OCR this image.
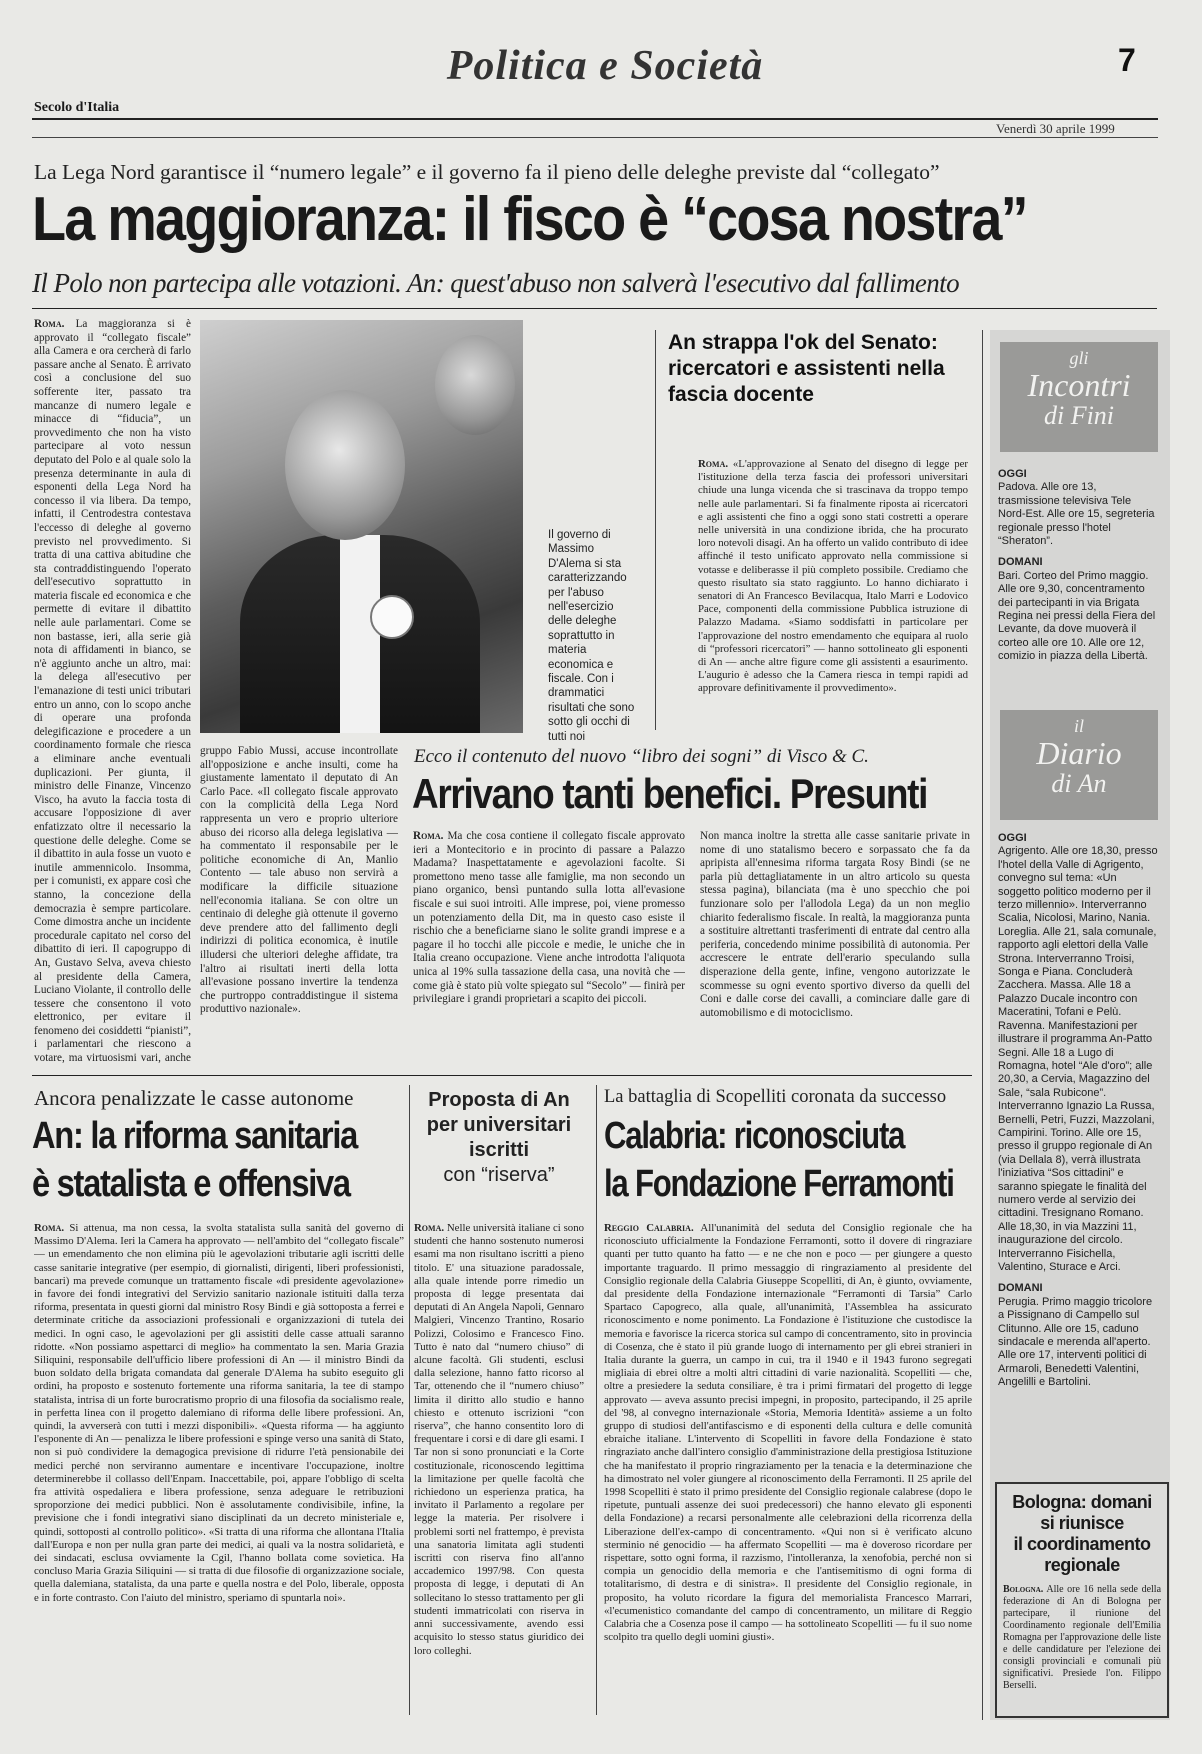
Politica e Società	7
Secolo d'Italia
Venerdì 30 aprile 1999
La Lega Nord garantisce il “numero legale” e il governo fa il pieno delle deleghe previste dal “collegato”
La maggioranza: il fisco è “cosa nostra”
Il Polo non partecipa alle votazioni. An: quest'abuso non salverà l'esecutivo dal fallimento
Roma. La maggioranza si è approvato il “collegato fiscale” alla Camera e ora cercherà di farlo passare anche al Senato. È arrivato così a conclusione del suo sofferente iter, passato tra mancanze di numero legale e minacce di “fiducia”, un provvedimento che non ha visto partecipare al voto nessun deputato del Polo e al quale solo la presenza determinante in aula di esponenti della Lega Nord ha concesso il via libera. Da tempo, infatti, il Centrodestra contestava l'eccesso di deleghe al governo previsto nel provvedimento. Si tratta di una cattiva abitudine che sta contraddistinguendo l'operato dell'esecutivo soprattutto in materia fiscale ed economica e che permette di evitare il dibattito nelle aule parlamentari. Come se non bastasse, ieri, alla serie già nota di affidamenti in bianco, se n'è aggiunto anche un altro, mai: la delega all'esecutivo per l'emanazione di testi unici tributari entro un anno, con lo scopo anche di operare una profonda delegificazione e procedere a un coordinamento formale che riesca a eliminare anche eventuali duplicazioni. Per giunta, il ministro delle Finanze, Vincenzo Visco, ha avuto la faccia tosta di accusare l'opposizione di aver enfatizzato oltre il necessario la questione delle deleghe. Come se il dibattito in aula fosse un vuoto e inutile ammennicolo. Insomma, per i comunisti, ex appare così che stanno, la concezione della democrazia è sempre particolare. Come dimostra anche un incidente procedurale capitato nel corso del dibattito di ieri. Il capogruppo di An, Gustavo Selva, aveva chiesto al presidente della Camera, Luciano Violante, il controllo delle tessere che consentono il voto elettronico, per evitare il fenomeno dei cosiddetti “pianisti”, i parlamentari che riescono a votare, ma virtuosismi vari, anche
Il governo di Massimo D'Alema si sta caratterizzando per l'abuso nell'esercizio delle deleghe soprattutto in materia economica e fiscale. Con i drammatici risultati che sono sotto gli occhi di tutti noi
gruppo Fabio Mussi, accuse incontrollate all'opposizione e anche insulti, come ha giustamente lamentato il deputato di An Carlo Pace. «Il collegato fiscale approvato con la complicità della Lega Nord rappresenta un vero e proprio ulteriore abuso dei ricorso alla delega legislativa — ha commentato il responsabile per le politiche economiche di An, Manlio Contento — tale abuso non servirà a modificare la difficile situazione nell'economia italiana. Se con oltre un centinaio di deleghe già ottenute il governo deve prendere atto del fallimento degli indirizzi di politica economica, è inutile illudersi che ulteriori deleghe affidate, tra l'altro ai risultati inerti della lotta all'evasione possano invertire la tendenza che purtroppo contraddistingue il sistema produttivo nazionale».
An strappa l'ok del Senato: ricercatori e assistenti nella fascia docente
Roma. «L'approvazione al Senato del disegno di legge per l'istituzione della terza fascia dei professori universitari chiude una lunga vicenda che si trascinava da troppo tempo nelle aule parlamentari. Si fa finalmente riposta ai ricercatori e agli assistenti che fino a oggi sono stati costretti a operare nelle università in una condizione ibrida, che ha procurato loro notevoli disagi. An ha offerto un valido contributo di idee affinché il testo unificato approvato nella commissione si votasse e deliberasse il più completo possibile. Crediamo che questo risultato sia stato raggiunto. Lo hanno dichiarato i senatori di An Francesco Bevilacqua, Italo Marri e Lodovico Pace, componenti della commissione Pubblica istruzione di Palazzo Madama. «Siamo soddisfatti in particolare per l'approvazione del nostro emendamento che equipara al ruolo di “professori ricercatori” — hanno sottolineato gli esponenti di An — anche altre figure come gli assistenti a esaurimento. L'augurio è adesso che la Camera riesca in tempi rapidi ad approvare definitivamente il provvedimento».
Ecco il contenuto del nuovo “libro dei sogni” di Visco & C.
Arrivano tanti benefici. Presunti
Roma. Ma che cosa contiene il collegato fiscale approvato ieri a Montecitorio e in procinto di passare a Palazzo Madama? Inaspettatamente e agevolazioni facolte. Si promettono meno tasse alle famiglie, ma non secondo un piano organico, bensì puntando sulla lotta all'evasione fiscale e sui suoi introiti. Alle imprese, poi, viene promesso un potenziamento della Dit, ma in questo caso esiste il rischio che a beneficiarne siano le solite grandi imprese e a pagare il ho tocchi alle piccole e medie, le uniche che in Italia creano occupazione. Viene anche introdotta l'aliquota unica al 19% sulla tassazione della casa, una novità che — come già è stato più volte spiegato sul “Secolo” — finirà per privilegiare i grandi proprietari a scapito dei piccoli.
Non manca inoltre la stretta alle casse sanitarie private in nome di uno statalismo becero e sorpassato che fa da apripista all'ennesima riforma targata Rosy Bindi (se ne parla più dettagliatamente in un altro articolo su questa stessa pagina), bilanciata (ma è uno specchio che poi funzionare solo per l'allodola Lega) da un non meglio chiarito federalismo fiscale. In realtà, la maggioranza punta a sostituire altrettanti trasferimenti di entrate dal centro alla periferia, concedendo minime possibilità di autonomia. Per accrescere le entrate dell'erario speculando sulla disperazione della gente, infine, vengono autorizzate le scommesse su ogni evento sportivo diverso da quelli del Coni e dalle corse dei cavalli, a cominciare dalle gare di automobilismo e di motociclismo.
Ancora penalizzate le casse autonome
An: la riforma sanitaria
è statalista e offensiva
Roma. Si attenua, ma non cessa, la svolta statalista sulla sanità del governo di Massimo D'Alema. Ieri la Camera ha approvato — nell'ambito del “collegato fiscale” — un emendamento che non elimina più le agevolazioni tributarie agli iscritti delle casse sanitarie integrative (per esempio, di giornalisti, dirigenti, liberi professionisti, bancari) ma prevede comunque un trattamento fiscale «di presidente agevolazione» in favore dei fondi integrativi del Servizio sanitario nazionale istituiti dalla terza riforma, presentata in questi giorni dal ministro Rosy Bindi e già sottoposta a ferrei e determinate critiche da associazioni professionali e organizzazioni di tutela dei medici. In ogni caso, le agevolazioni per gli assistiti delle casse attuali saranno ridotte. «Non possiamo aspettarci di meglio» ha commentato la sen. Maria Grazia Siliquini, responsabile dell'ufficio libere professioni di An — il ministro Bindi da buon soldato della brigata comandata dal generale D'Alema ha subito eseguito gli ordini, ha proposto e sostenuto fortemente una riforma sanitaria, la tee di stampo statalista, intrisa di un forte burocratismo proprio di una filosofia da socialismo reale, in perfetta linea con il progetto dalemiano di riforma delle libere professioni. An, quindi, la avverserà con tutti i mezzi disponibili». «Questa riforma — ha aggiunto l'esponente di An — penalizza le libere professioni e spinge verso una sanità di Stato, non si può condividere la demagogica previsione di ridurre l'età pensionabile dei medici perché non serviranno aumentare e incentivare l'occupazione, inoltre determinerebbe il collasso dell'Enpam. Inaccettabile, poi, appare l'obbligo di scelta fra attività ospedaliera e libera professione, senza adeguare le retribuzioni sproporzione dei medici pubblici. Non è assolutamente condivisibile, infine, la previsione che i fondi integrativi siano disciplinati da un decreto ministeriale e, quindi, sottoposti al controllo politico». «Si tratta di una riforma che allontana l'Italia dall'Europa e non per nulla gran parte dei medici, ai quali va la nostra solidarietà, e dei sindacati, esclusa ovviamente la Cgil, l'hanno bollata come sovietica. Ha concluso Maria Grazia Siliquini — si tratta di due filosofie di organizzazione sociale, quella dalemiana, statalista, da una parte e quella nostra e del Polo, liberale, opposta e in forte contrasto. Con l'aiuto del ministro, speriamo di spuntarla noi».
Proposta di An
per universitari
iscritti
con “riserva”
Roma. Nelle università italiane ci sono studenti che hanno sostenuto numerosi esami ma non risultano iscritti a pieno titolo. E' una situazione paradossale, alla quale intende porre rimedio un proposta di legge presentata dai deputati di An Angela Napoli, Gennaro Malgieri, Vincenzo Trantino, Rosario Polizzi, Colosimo e Francesco Fino. Tutto è nato dal “numero chiuso” di alcune facoltà. Gli studenti, esclusi dalla selezione, hanno fatto ricorso al Tar, ottenendo che il “numero chiuso” limita il diritto allo studio e hanno chiesto e ottenuto iscrizioni “con riserva”, che hanno consentito loro di frequentare i corsi e di dare gli esami. I Tar non si sono pronunciati e la Corte costituzionale, riconoscendo legittima la limitazione per quelle facoltà che richiedono un esperienza pratica, ha invitato il Parlamento a regolare per legge la materia. Per risolvere i problemi sorti nel frattempo, è prevista una sanatoria limitata agli studenti iscritti con riserva fino all'anno accademico 1997/98. Con questa proposta di legge, i deputati di An sollecitano lo stesso trattamento per gli studenti immatricolati con riserva in anni successivamente, avendo essi acquisito lo stesso status giuridico dei loro colleghi.
La battaglia di Scopelliti coronata da successo
Calabria: riconosciuta
la Fondazione Ferramonti
Reggio Calabria. All'unanimità del seduta del Consiglio regionale che ha riconosciuto ufficialmente la Fondazione Ferramonti, sotto il dovere di ringraziare quanti per tutto quanto ha fatto — e ne che non e poco — per giungere a questo importante traguardo. Il primo messaggio di ringraziamento al presidente del Consiglio regionale della Calabria Giuseppe Scopelliti, di An, è giunto, ovviamente, dal presidente della Fondazione internazionale “Ferramonti di Tarsia” Carlo Spartaco Capogreco, alla quale, all'unanimità, l'Assemblea ha assicurato riconoscimento e nome ponimento. La Fondazione è l'istituzione che custodisce la memoria e favorisce la ricerca storica sul campo di concentramento, sito in provincia di Cosenza, che è stato il più grande luogo di internamento per gli ebrei stranieri in Italia durante la guerra, un campo in cui, tra il 1940 e il 1943 furono segregati migliaia di ebrei oltre a molti altri cittadini di varie nazionalità. Scopelliti — che, oltre a presiedere la seduta consiliare, è tra i primi firmatari del progetto di legge approvato — aveva assunto precisi impegni, in proposito, partecipando, il 25 aprile del '98, al convegno internazionale «Storia, Memoria Identità» assieme a un folto gruppo di studiosi dell'antifascismo e di esponenti della cultura e delle comunità ebraiche italiane. L'intervento di Scopelliti in favore della Fondazione è stato ringraziato anche dall'intero consiglio d'amministrazione della prestigiosa Istituzione che ha manifestato il proprio ringraziamento per la tenacia e la determinazione che ha dimostrato nel voler giungere al riconoscimento della Ferramonti. Il 25 aprile del 1998 Scopelliti è stato il primo presidente del Consiglio regionale calabrese (dopo le ripetute, puntuali assenze dei suoi predecessori) che hanno elevato gli esponenti della Fondazione) a recarsi personalmente alle celebrazioni della ricorrenza della Liberazione dell'ex-campo di concentramento. «Qui non si è verificato alcuno sterminio né genocidio — ha affermato Scopelliti — ma è doveroso ricordare per rispettare, sotto ogni forma, il razzismo, l'intolleranza, la xenofobia, perché non si compia un genocidio della memoria e che l'antisemitismo di ogni forma di totalitarismo, di destra e di sinistra». Il presidente del Consiglio regionale, in proposito, ha voluto ricordare la figura del memorialista Francesco Marrari, «l'ecumenistico comandante del campo di concentramento, un militare di Reggio Calabria che a Cosenza pose il campo — ha sottolineato Scopelliti — fu il suo nome scolpito tra quello degli uomini giusti».
gli
Incontri
di Fini
OGGI
Padova. Alle ore 13, trasmissione televisiva Tele Nord-Est. Alle ore 15, segreteria regionale presso l'hotel “Sheraton”.
DOMANI
Bari. Corteo del Primo maggio. Alle ore 9,30, concentramento dei partecipanti in via Brigata Regina nei pressi della Fiera del Levante, da dove muoverà il corteo alle ore 10. Alle ore 12, comizio in piazza della Libertà.
il
Diario
di An
OGGI
Agrigento. Alle ore 18,30, presso l'hotel della Valle di Agrigento, convegno sul tema: «Un soggetto politico moderno per il terzo millennio». Interverranno Scalia, Nicolosi, Marino, Nania. Loreglia. Alle 21, sala comunale, rapporto agli elettori della Valle Strona. Interverranno Troisi, Songa e Piana. Concluderà Zacchera. Massa. Alle 18 a Palazzo Ducale incontro con Maceratini, Tofani e Pelù. Ravenna. Manifestazioni per illustrare il programma An-Patto Segni. Alle 18 a Lugo di Romagna, hotel “Ale d'oro”; alle 20,30, a Cervia, Magazzino del Sale, “sala Rubicone”. Interverranno Ignazio La Russa, Bernelli, Petri, Fuzzi, Mazzolani, Campirini. Torino. Alle ore 15, presso il gruppo regionale di An (via Dellala 8), verrà illustrata l'iniziativa “Sos cittadini” e saranno spiegate le finalità del numero verde al servizio dei cittadini. Tresignano Romano. Alle 18,30, in via Mazzini 11, inaugurazione del circolo. Interverranno Fisichella, Valentino, Sturace e Arci.
DOMANI
Perugia. Primo maggio tricolore a Pissignano di Campello sul Clitunno. Alle ore 15, caduno sindacale e merenda all'aperto. Alle ore 17, interventi politici di Armaroli, Benedetti Valentini, Angelilli e Bartolini.
Bologna: domani
si riunisce
il coordinamento
regionale
Bologna. Alle ore 16 nella sede della federazione di An di Bologna per partecipare, il riunione del Coordinamento regionale dell'Emilia Romagna per l'approvazione delle liste e delle candidature per l'elezione dei consigli provinciali e comunali più significativi. Presiede l'on. Filippo Berselli.
